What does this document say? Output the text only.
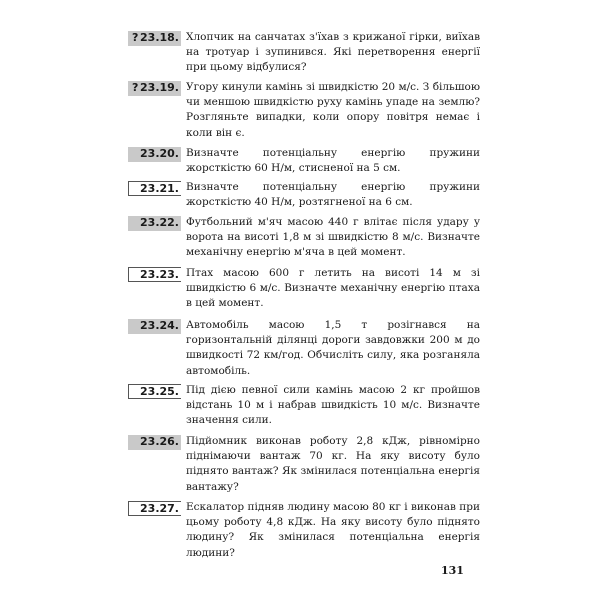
? 23.18. Хлопчик на санчатах з'їхав з крижаної гірки, виїхав на тротуар і зупинився. Які перетворення енергії при цьому відбулися?
? 23.19. Угору кинули камінь зі швидкістю 20 м/с. З більшою чи меншою швидкістю руху камінь упаде на землю? Розгляньте випадки, коли опору повітря немає і коли він є.
23.20. Визначте потенціальну енергію пружини жорсткістю 60 Н/м, стисненої на 5 см.
23.21. Визначте потенціальну енергію пружини жорсткістю 40 Н/м, розтягненої на 6 см.
23.22. Футбольний м'яч масою 440 г влітає після удару у ворота на висоті 1,8 м зі швидкістю 8 м/с. Визначте механічну енергію м'яча в цей момент.
23.23. Птах масою 600 г летить на висоті 14 м зі швидкістю 6 м/с. Визначте механічну енергію птаха в цей момент.
23.24. Автомобіль масою 1,5 т розігнався на горизонтальній ділянці дороги завдовжки 200 м до швидкості 72 км/год. Обчисліть силу, яка розганяла автомобіль.
23.25. Під дією певної сили камінь масою 2 кг пройшов відстань 10 м і набрав швидкість 10 м/с. Визначте значення сили.
23.26. Підйомник виконав роботу 2,8 кДж, рівномірно піднімаючи вантаж 70 кг. На яку висоту було піднято вантаж? Як змінилася потенціальна енергія вантажу?
23.27. Ескалатор підняв людину масою 80 кг і виконав при цьому роботу 4,8 кДж. На яку висоту було піднято людину? Як змінилася потенціальна енергія людини?
131
